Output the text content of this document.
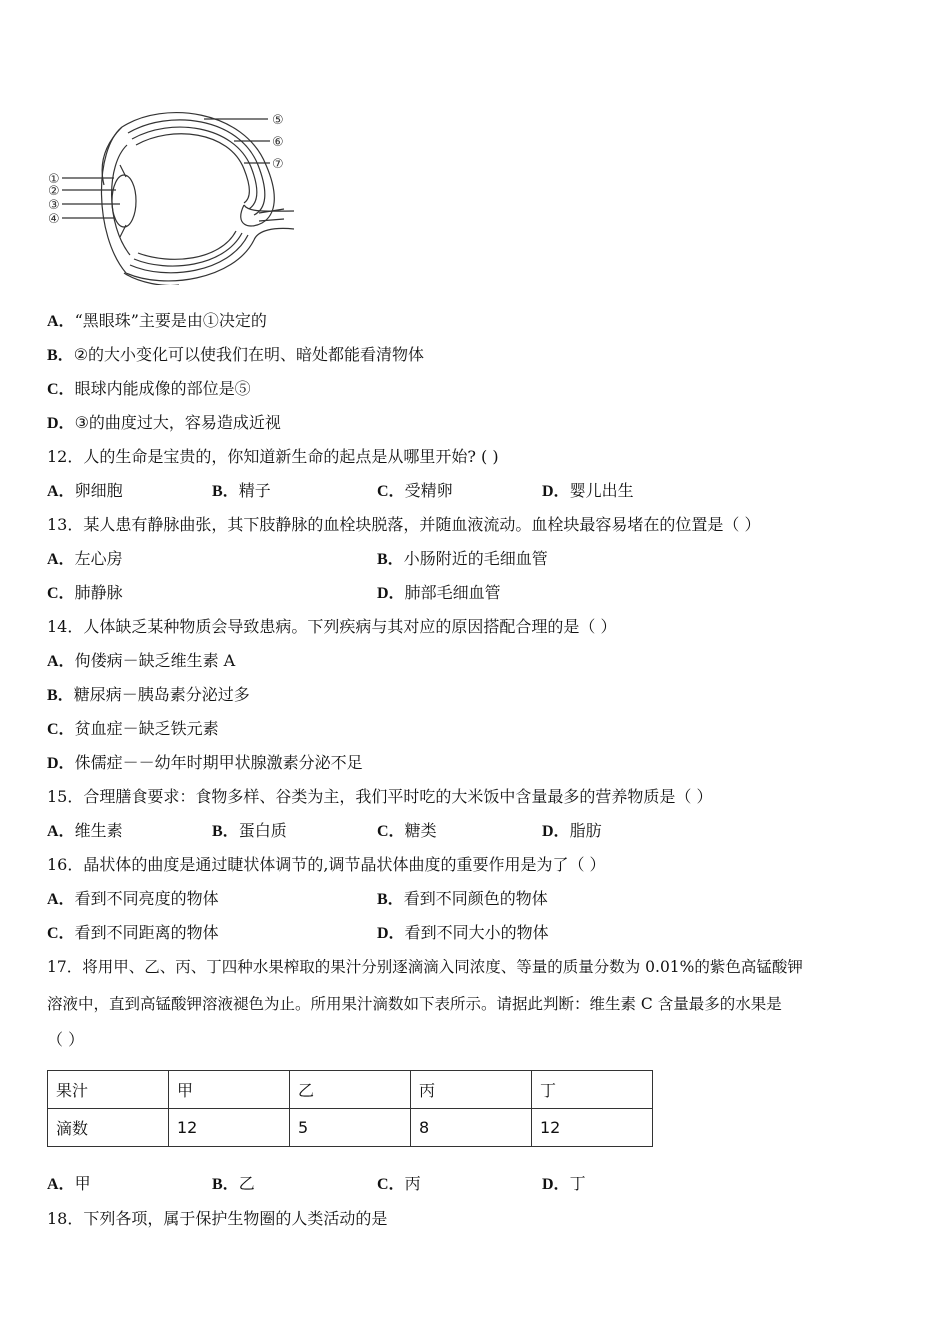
①
②
③
④
⑤
⑥
⑦
A．“黑眼珠”主要是由①决定的
B．②的大小变化可以使我们在明、暗处都能看清物体
C．眼球内能成像的部位是⑤
D．③的曲度过大，容易造成近视
12．人的生命是宝贵的，你知道新生命的起点是从哪里开始? ( )
A．卵细胞	B．精子	C．受精卵	D．婴儿出生
13．某人患有静脉曲张，其下肢静脉的血栓块脱落，并随血液流动。血栓块最容易堵在的位置是（ ）
A．左心房	B．小肠附近的毛细血管
C．肺静脉	D．肺部毛细血管
14．人体缺乏某种物质会导致患病。下列疾病与其对应的原因搭配合理的是（ ）
A．佝偻病－缺乏维生素 A
B．糖尿病－胰岛素分泌过多
C．贫血症－缺乏铁元素
D．侏儒症－－幼年时期甲状腺激素分泌不足
15．合理膳食要求：食物多样、谷类为主，我们平时吃的大米饭中含量最多的营养物质是（ ）
A．维生素	B．蛋白质	C．糖类	D．脂肪
16．晶状体的曲度是通过睫状体调节的,调节晶状体曲度的重要作用是为了（ ）
A．看到不同亮度的物体	B．看到不同颜色的物体
C．看到不同距离的物体	D．看到不同大小的物体
17．将用甲、乙、丙、丁四种水果榨取的果汁分别逐滴滴入同浓度、等量的质量分数为 0.01%的紫色高锰酸钾
溶液中，直到高锰酸钾溶液褪色为止。所用果汁滴数如下表所示。请据此判断：维生素 C 含量最多的水果是
（ ）
果汁	甲	乙	丙	丁
滴数	12	5	8	12
A．甲	B．乙	C．丙	D．丁
18．下列各项，属于保护生物圈的人类活动的是
